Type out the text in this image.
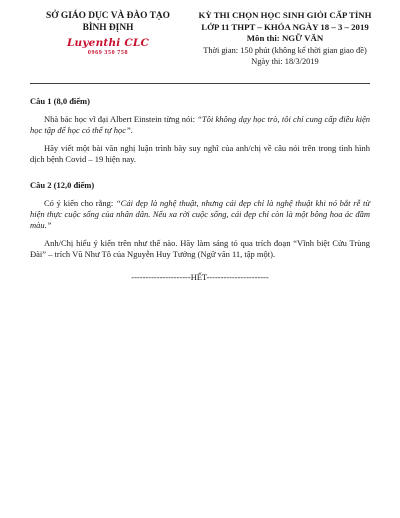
SỞ GIÁO DỤC VÀ ĐÀO TẠO
BÌNH ĐỊNH
Luyenthi CLC
0969 350 758
KỲ THI CHỌN HỌC SINH GIỎI CẤP TỈNH
LỚP 11 THPT – KHÓA NGÀY 18 – 3 – 2019
Môn thi: NGỮ VĂN
Thời gian: 150 phút (không kể thời gian giao đề)
Ngày thi: 18/3/2019

Câu 1 (8,0 điểm)

Nhà bác học vĩ đại Albert Einstein từng nói: “Tôi không dạy học trò, tôi chỉ cung cấp điều kiện học tập để học có thể tự học”.

Hãy viết một bài văn nghị luận trình bày suy nghĩ của anh/chị về câu nói trên trong tình hình dịch bệnh Covid – 19 hiện nay.

Câu 2 (12,0 điểm)

Có ý kiến cho rằng: “Cái đẹp là nghệ thuật, nhưng cái đẹp chỉ là nghệ thuật khi nó bắt rễ từ hiện thực cuộc sống của nhân dân. Nếu xa rời cuộc sống, cái đẹp chỉ còn là một bông hoa ác đầm màu.”

Anh/Chị hiểu ý kiến trên như thế nào. Hãy làm sáng tỏ qua trích đoạn “Vĩnh biệt Cửu Trùng Đài” – trích Vũ Như Tô của Nguyễn Huy Tưởng (Ngữ văn 11, tập một).

---------------------HẾT----------------------
